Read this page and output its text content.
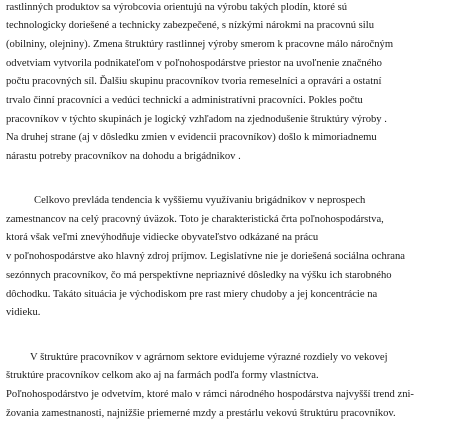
rastlinných produktov sa výrobcovia orientujú na výrobu takých plodín, ktoré sú
technologicky doriešené a technicky zabezpečené, s nízkými nárokmi na pracovnú silu
(obilniny, olejniny). Zmena štruktúry rastlinnej výroby smerom k pracovne málo náročným
odvetviam vytvorila podnikateľom v poľnohospodárstve priestor na uvoľnenie značného
počtu pracovných síl. Ďalšiu skupinu pracovníkov tvoria remeselníci a opravári a ostatní
trvalo činní pracovníci a vedúci technickí a administratívni pracovníci. Pokles počtu
pracovníkov v týchto skupinách je logický vzhľadom na zjednodušenie štruktúry výroby .
Na druhej strane (aj v dôsledku zmien v evidencii pracovníkov) došlo k mimoriadnemu
nárastu potreby pracovníkov na dohodu a brigádnikov .
Celkovo prevláda tendencia k vyššiemu využívaniu brigádnikov v neprospech
zamestnancov na celý pracovný úväzok. Toto je charakteristická črta poľnohospodárstva,
ktorá však veľmi znevýhodňuje vidiecke obyvateľstvo odkázané na prácu
v poľnohospodárstve ako hlavný zdroj príjmov. Legislatívne nie je doriešená sociálna ochrana
sezónnych pracovníkov, čo má perspektívne nepriaznivé dôsledky na výšku ich starobného
dôchodku. Takáto situácia je východiskom pre rast miery chudoby a jej koncentrácie na
vidieku.
V štruktúre pracovníkov v agrárnom sektore evidujeme výrazné rozdiely vo vekovej
štruktúre pracovníkov celkom ako aj na farmách podľa formy vlastníctva.
Poľnohospodárstvo je odvetvím, ktoré malo v rámci národného hospodárstva najvyšší trend zni-
žovania zamestnanosti, najnižšie priemerné mzdy a prestárlu vekovú štruktúru pracovníkov.
